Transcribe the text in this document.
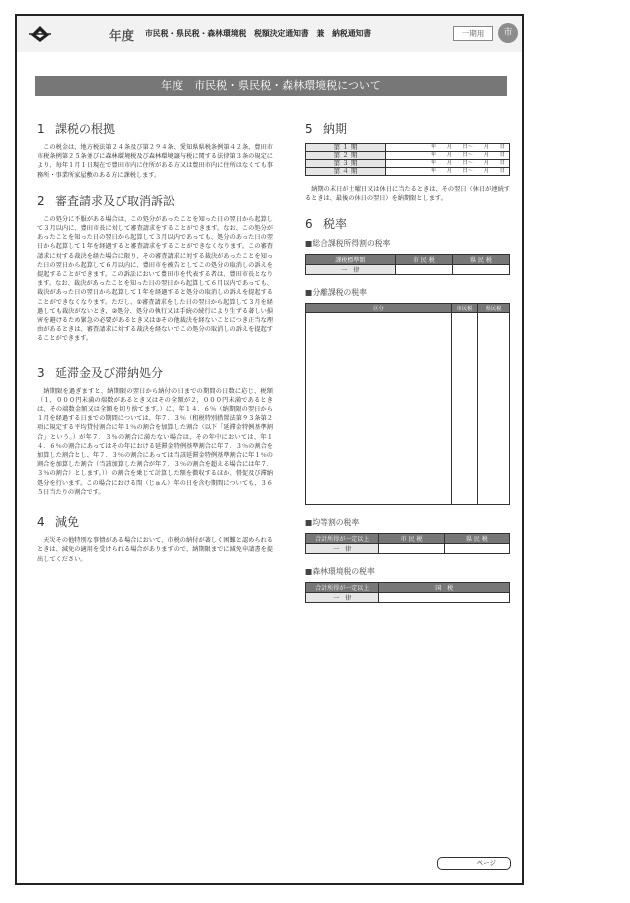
年度 市民税・県民税・森林環境税　税額決定通知書　兼　納税通知書	一期用	市
年度　市民税・県民税・森林環境税について
1 課税の根拠

　この税金は、地方税法第２４条及び第２９４条、愛知県県税条例第４２条、豊田市市税条例第２５条並びに森林環境税及び森林環境譲与税に関する法律第３条の規定により、毎年１月１日現在で豊田市内に住所がある方又は豊田市内に住所はなくても事務所・事業所家屋敷のある方に課税します。

2 審査請求及び取消訴訟

　この処分に不服がある場合は、この処分があったことを知った日の翌日から起算して３月以内に、豊田市長に対して審査請求をすることができます。なお、この処分があったことを知った日の翌日から起算して３月以内であっても、処分のあった日の翌日から起算して１年を経過すると審査請求をすることができなくなります。この審査請求に対する裁決を経た場合に限り、その審査請求に対する裁決があったことを知った日の翌日から起算して６月以内に、豊田市を被告としてこの処分の取消しの訴えを提起することができます。この訴訟において豊田市を代表する者は、豊田市長となります。なお、裁決があったことを知った日の翌日から起算して６月以内であっても、裁決があった日の翌日から起算して１年を経過すると処分の取消しの訴えを提起することができなくなります。ただし、①審査請求をした日の翌日から起算して３月を経過しても裁決がないとき、②処分、処分の執行又は手続の続行により生ずる著しい損害を避けるため緊急の必要があるとき又は③その他裁決を経ないことにつき正当な理由があるときは、審査請求に対する裁決を経ないでこの処分の取消しの訴えを提起することができます。

3 延滞金及び滞納処分

　納期限を過ぎますと、納期限の翌日から納付の日までの期間の日数に応じ、税額（１，０００円未満の端数があるとき又はその全額が２，０００円未満であるときは、その端数金額又は全額を切り捨てます。）に、年１４．６％（納期限の翌日から１月を経過する日までの期間については、年７．３％（租税特別措置法第９３条第２項に規定する平均貸付割合に年１％の割合を加算した割合（以下「延滞金特例基準割合」という。）が年７．３％の割合に満たない場合は、その年中においては、年１４．６％の割合にあってはその年における延滞金特例基準割合に年７．３％の割合を加算した割合とし、年７．３％の割合にあっては当該延滞金特例基準割合に年１％の割合を加算した割合（当該加算した割合が年７．３％の割合を超える場合には年７．３％の割合）とします。））の割合を乗じて計算した額を徴収するほか、督促及び滞納処分を行います。この場合における閏（じゅん）年の日を含む期間についても、３６５日当たりの割合です。

4 減免

　天災その他特別な事情がある場合において、市税の納付が著しく困難と認められるときは、減免の適用を受けられる場合がありますので、納期限までに減免申請書を提出してください。

5 納期
第 １ 期	年　　月　　日～　　月　　日
第 ２ 期	年　　月　　日～　　月　　日
第 ３ 期	年　　月　　日～　　月　　日
第 ４ 期	年　　月　　日～　　月　　日

　納期の末日が土曜日又は休日に当たるときは、その翌日（休日が連続するときは、最後の休日の翌日）を納期限とします。

6 税率
■総合課税所得割の税率
課税標準額	市 民 税	県 民 税
一　律		
■分離課税の税率
区分	市民税	県民税

■均等割の税率
合計所得が一定以上	市 民 税	県 民 税
一　律		
■森林環境税の税率
合計所得が一定以上	国　税
一　律	
ページ
